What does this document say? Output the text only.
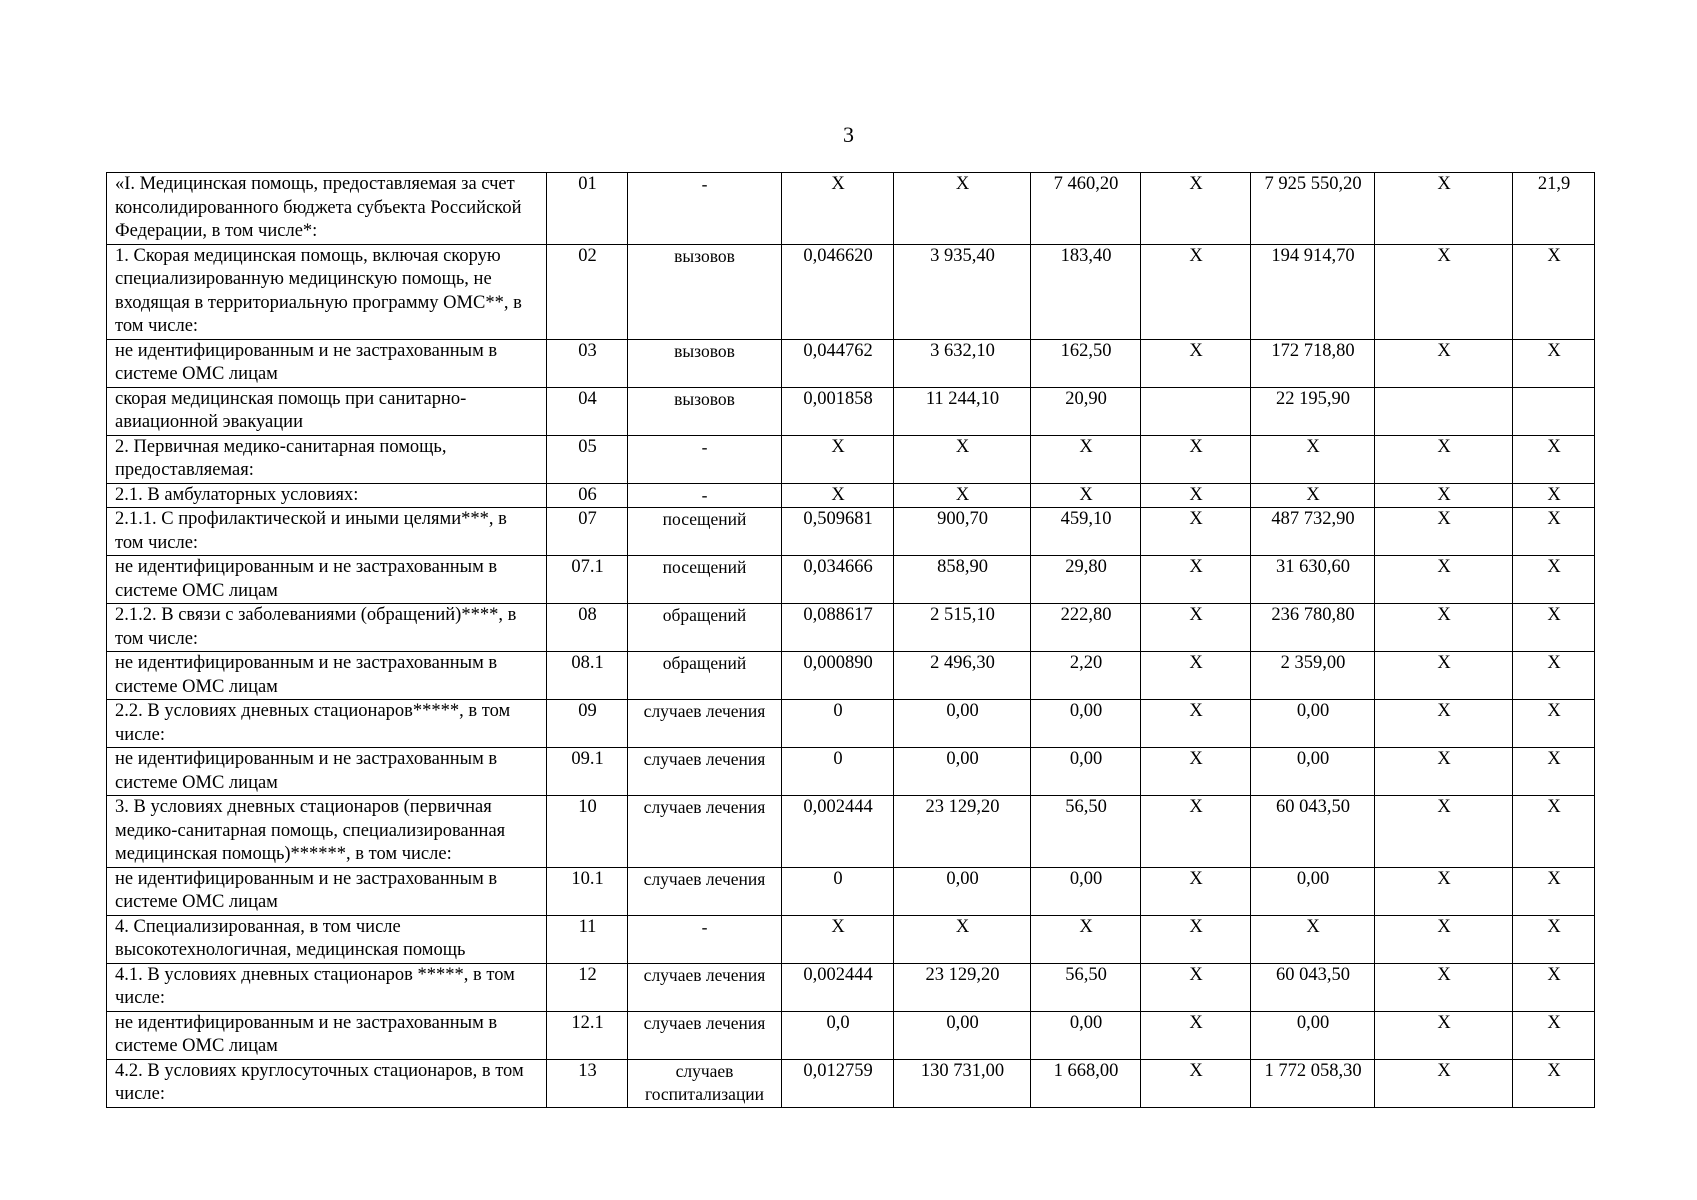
3
«I. Медицинская помощь, предоставляемая за счет консолидированного бюджета субъекта Российской Федерации, в том числе*:	01	-	X	X	7 460,20	X	7 925 550,20	X	21,9
1. Скорая медицинская помощь, включая скорую специализированную медицинскую помощь, не входящая в территориальную программу ОМС**, в том числе:	02	вызовов	0,046620	3 935,40	183,40	X	194 914,70	X	X
не идентифицированным и не застрахованным в системе ОМС лицам	03	вызовов	0,044762	3 632,10	162,50	X	172 718,80	X	X
скорая медицинская помощь при санитарно-авиационной эвакуации	04	вызовов	0,001858	11 244,10	20,90		22 195,90		
2. Первичная медико-санитарная помощь, предоставляемая:	05	-	X	X	X	X	X	X	X
2.1. В амбулаторных условиях:	06	-	X	X	X	X	X	X	X
2.1.1. С профилактической и иными целями***, в том числе:	07	посещений	0,509681	900,70	459,10	X	487 732,90	X	X
не идентифицированным и не застрахованным в системе ОМС лицам	07.1	посещений	0,034666	858,90	29,80	X	31 630,60	X	X
2.1.2. В связи с заболеваниями (обращений)****, в том числе:	08	обращений	0,088617	2 515,10	222,80	X	236 780,80	X	X
не идентифицированным и не застрахованным в системе ОМС лицам	08.1	обращений	0,000890	2 496,30	2,20	X	2 359,00	X	X
2.2. В условиях дневных стационаров*****, в том числе:	09	случаев лечения	0	0,00	0,00	X	0,00	X	X
не идентифицированным и не застрахованным в системе ОМС лицам	09.1	случаев лечения	0	0,00	0,00	X	0,00	X	X
3. В условиях дневных стационаров (первичная медико-санитарная помощь, специализированная медицинская помощь)******, в том числе:	10	случаев лечения	0,002444	23 129,20	56,50	X	60 043,50	X	X
не идентифицированным и не застрахованным в системе ОМС лицам	10.1	случаев лечения	0	0,00	0,00	X	0,00	X	X
4. Специализированная, в том числе высокотехнологичная, медицинская помощь	11	-	X	X	X	X	X	X	X
4.1. В условиях дневных стационаров *****, в том числе:	12	случаев лечения	0,002444	23 129,20	56,50	X	60 043,50	X	X
не идентифицированным и не застрахованным в системе ОМС лицам	12.1	случаев лечения	0,0	0,00	0,00	X	0,00	X	X
4.2. В условиях круглосуточных стационаров, в том числе:	13	случаев госпитализации	0,012759	130 731,00	1 668,00	X	1 772 058,30	X	X
